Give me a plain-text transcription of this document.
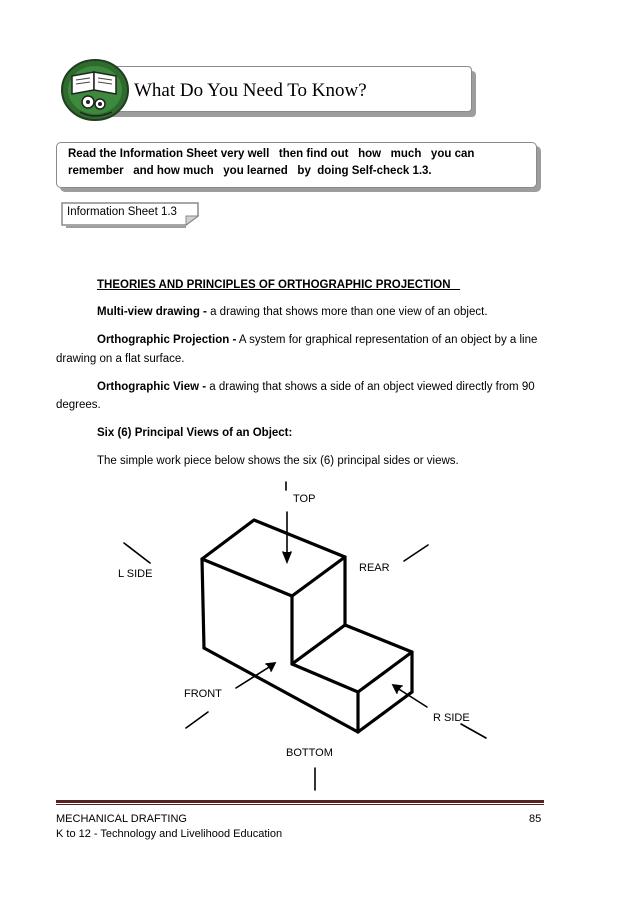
What Do You Need To Know?
Read the Information Sheet very well   then find out   how   much   you can
remember   and how much   you learned   by  doing Self-check 1.3.
Information Sheet 1.3
THEORIES AND PRINCIPLES OF ORTHOGRAPHIC PROJECTION
Multi-view drawing - a drawing that shows more than one view of an object.
Orthographic Projection - A system for graphical representation of an object by a line
drawing on a flat surface.
Orthographic View - a drawing that shows a side of an object viewed directly from 90
degrees.
Six (6) Principal Views of an Object:
The simple work piece below shows the six (6) principal sides or views.
TOP
L SIDE	REAR
FRONT
R SIDE
BOTTOM
MECHANICAL DRAFTING
K to 12 - Technology and Livelihood Education
85
